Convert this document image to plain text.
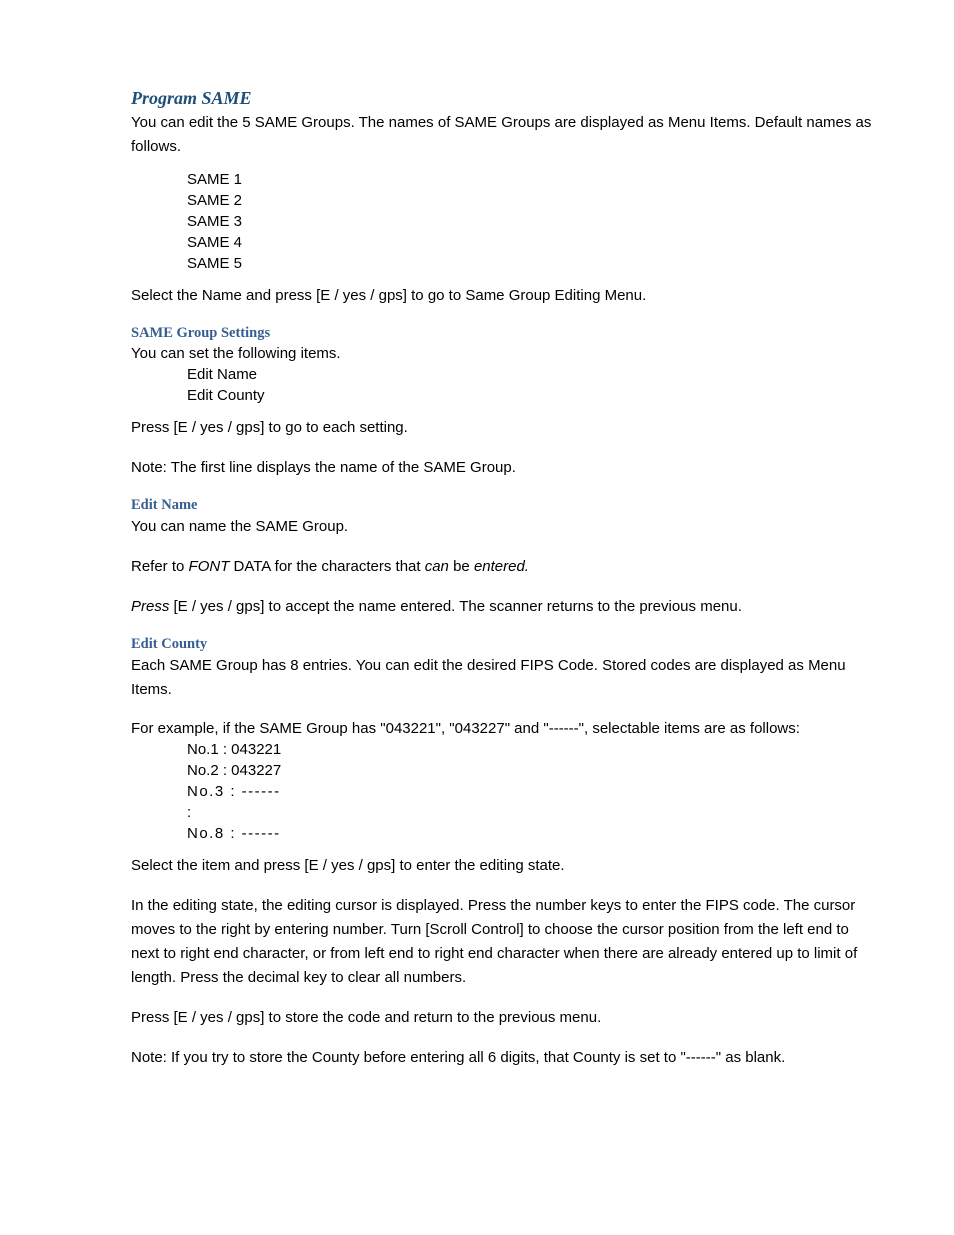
Program SAME

You can edit the 5 SAME Groups. The names of SAME Groups are displayed as Menu Items. Default names as follows.

SAME 1
SAME 2
SAME 3
SAME 4
SAME 5

Select the Name and press [E / yes / gps] to go to Same Group Editing Menu.

SAME Group Settings

You can set the following items.

Edit Name
Edit County

Press [E / yes / gps] to go to each setting.

Note: The first line displays the name of the SAME Group.

Edit Name

You can name the SAME Group.

Refer to FONT DATA for the characters that can be entered.

Press [E / yes / gps] to accept the name entered. The scanner returns to the previous menu.

Edit County

Each SAME Group has 8 entries. You can edit the desired FIPS Code. Stored codes are displayed as Menu Items.

For example, if the SAME Group has "043221", "043227" and "------", selectable items are as follows:

No.1 : 043221
No.2 : 043227
No.3 : ------
:
No.8 : ------

Select the item and press [E / yes / gps] to enter the editing state.

In the editing state, the editing cursor is displayed. Press the number keys to enter the FIPS code. The cursor moves to the right by entering number. Turn [Scroll Control] to choose the cursor position from the left end to next to right end character, or from left end to right end character when there are already entered up to limit of length. Press the decimal key to clear all numbers.

Press [E / yes / gps] to store the code and return to the previous menu.

Note: If you try to store the County before entering all 6 digits, that County is set to "------" as blank.
